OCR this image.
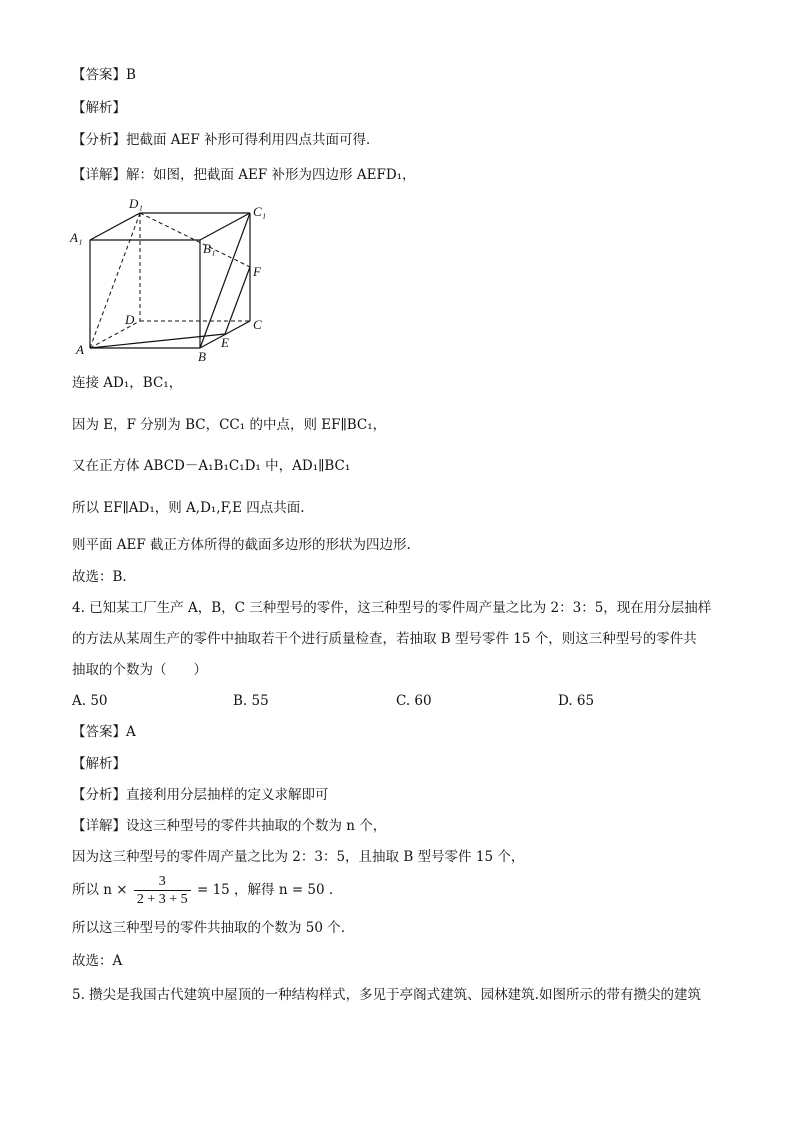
【答案】B
【解析】
【分析】把截面 AEF 补形可得利用四点共面可得．
【详解】解：如图，把截面 AEF 补形为四边形 AEFD₁，
D₁
C₁
A₁
B₁
F
D	C
A	B
E
连接 AD₁，BC₁，
因为 E，F 分别为 BC，CC₁ 的中点，则 EF∥BC₁，
又在正方体 ABCD－A₁B₁C₁D₁ 中，AD₁∥BC₁
所以 EF∥AD₁，则 A,D₁,F,E 四点共面.
则平面 AEF 截正方体所得的截面多边形的形状为四边形.
故选：B.
4. 已知某工厂生产 A，B，C 三种型号的零件，这三种型号的零件周产量之比为 2：3：5，现在用分层抽样
的方法从某周生产的零件中抽取若干个进行质量检查，若抽取 B 型号零件 15 个，则这三种型号的零件共
抽取的个数为（　　）
A. 50	B. 55	C. 60	D. 65
【答案】A
【解析】
【分析】直接利用分层抽样的定义求解即可
【详解】设这三种型号的零件共抽取的个数为 n 个，
因为这三种型号的零件周产量之比为 2：3：5，且抽取 B 型号零件 15 个，
所以 $n \times \frac{3}{2 + 3 + 5} = 15$ ，解得 n = 50 .
所以这三种型号的零件共抽取的个数为 50 个.
故选：A
5. 攒尖是我国古代建筑中屋顶的一种结构样式，多见于亭阁式建筑、园林建筑.如图所示的带有攒尖的建筑
